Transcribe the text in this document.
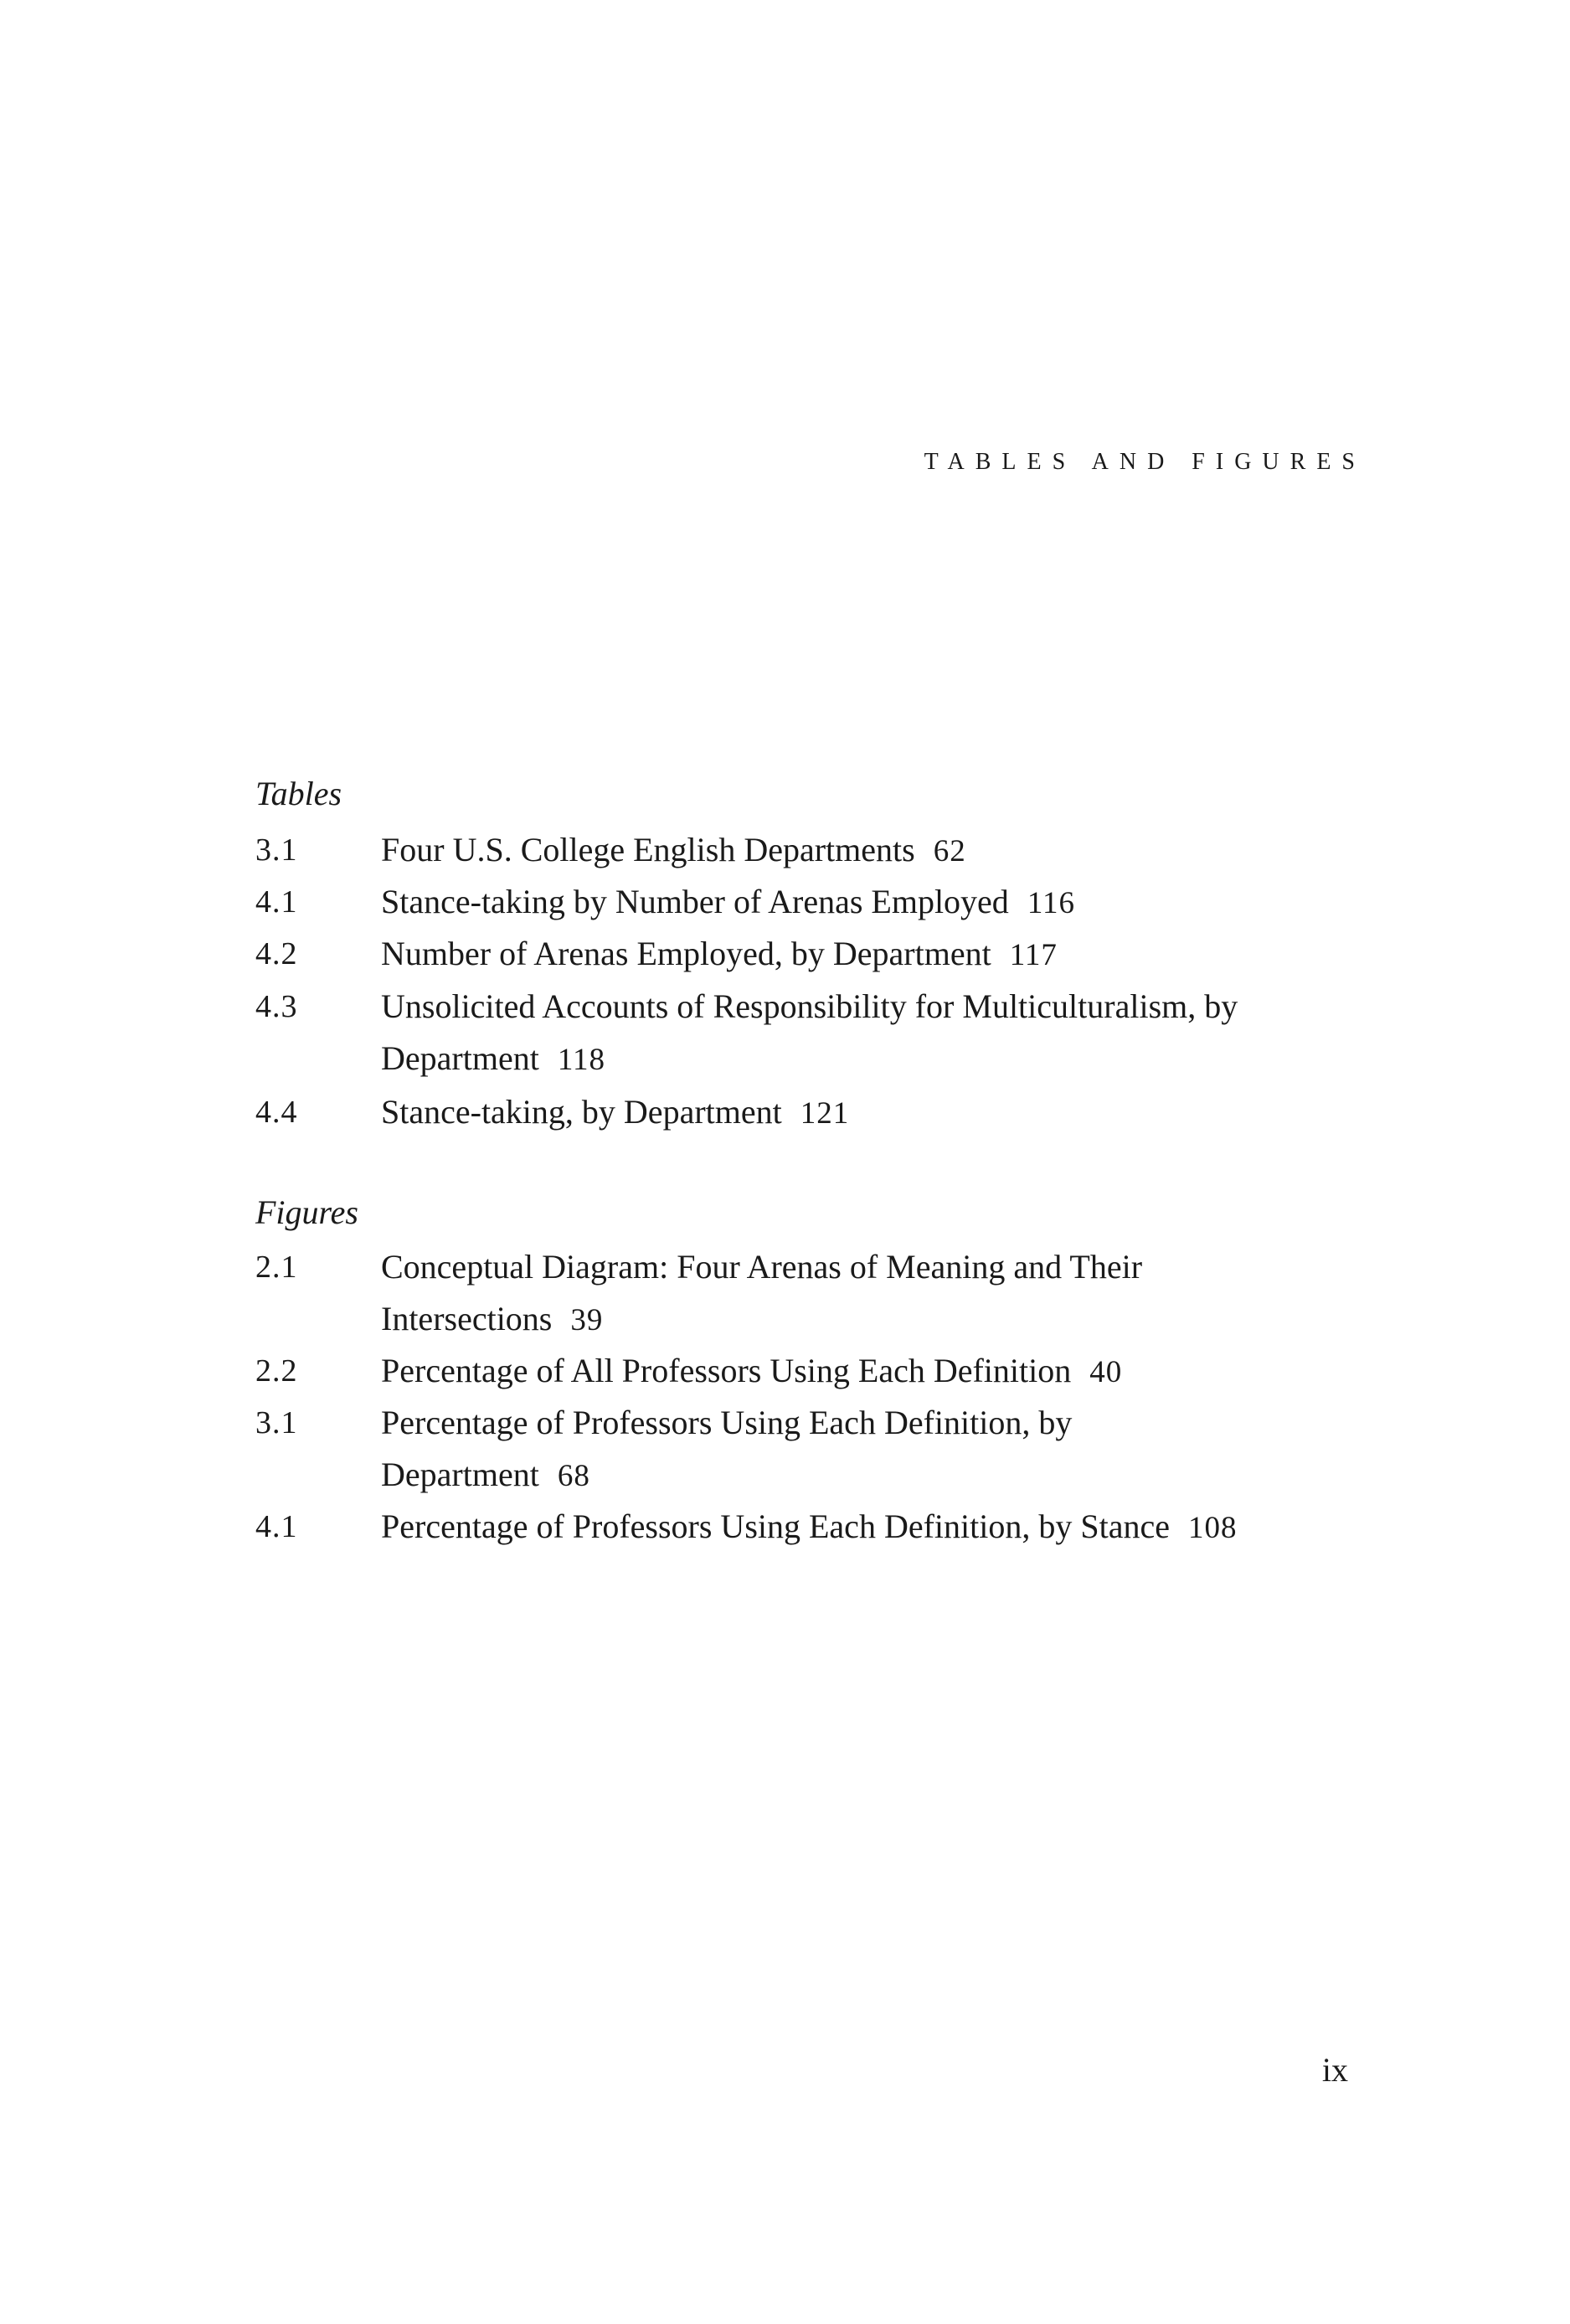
TABLES AND FIGURES
Tables
3.1	Four U.S. College English Departments 62
4.1	Stance-taking by Number of Arenas Employed 116
4.2	Number of Arenas Employed, by Department 117
4.3	Unsolicited Accounts of Responsibility for Multiculturalism, by Department 118
4.4	Stance-taking, by Department 121
Figures
2.1	Conceptual Diagram: Four Arenas of Meaning and Their Intersections 39
2.2	Percentage of All Professors Using Each Definition 40
3.1	Percentage of Professors Using Each Definition, by Department 68
4.1	Percentage of Professors Using Each Definition, by Stance 108

ix
